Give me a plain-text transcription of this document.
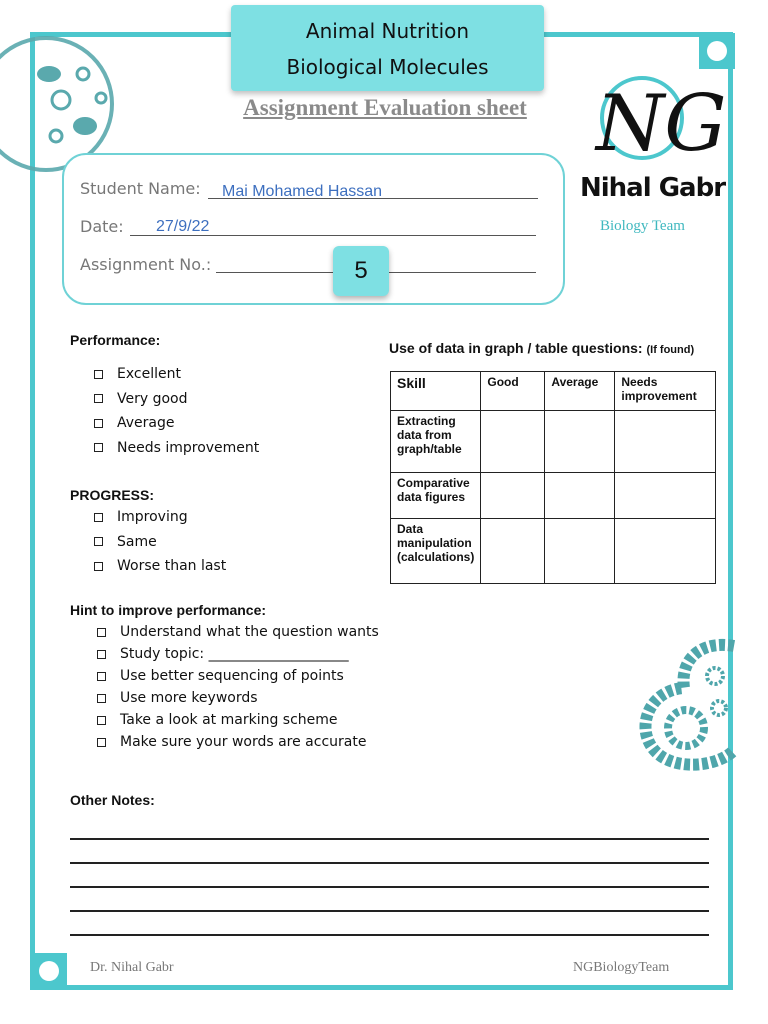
Animal Nutrition
Biological Molecules
Assignment Evaluation sheet NG
Nihal Gabr
Biology Team
Student Name: Mai Mohamed Hassan
Date: 27/9/22
Assignment No.:	5
Performance:
Excellent
Very good
Average
Needs improvement
PROGRESS:
Improving
Same
Worse than last
Use of data in graph / table questions: (If found)
Skill	Good	Average	Needs improvement
Extracting data from graph/table			
Comparative data figures			
Data manipulation (calculations)			
Hint to improve performance:
Understand what the question wants
Study topic: ____________________
Use better sequencing of points
Use more keywords
Take a look at marking scheme
Make sure your words are accurate
Other Notes:
Dr. Nihal Gabr	NGBiologyTeam
